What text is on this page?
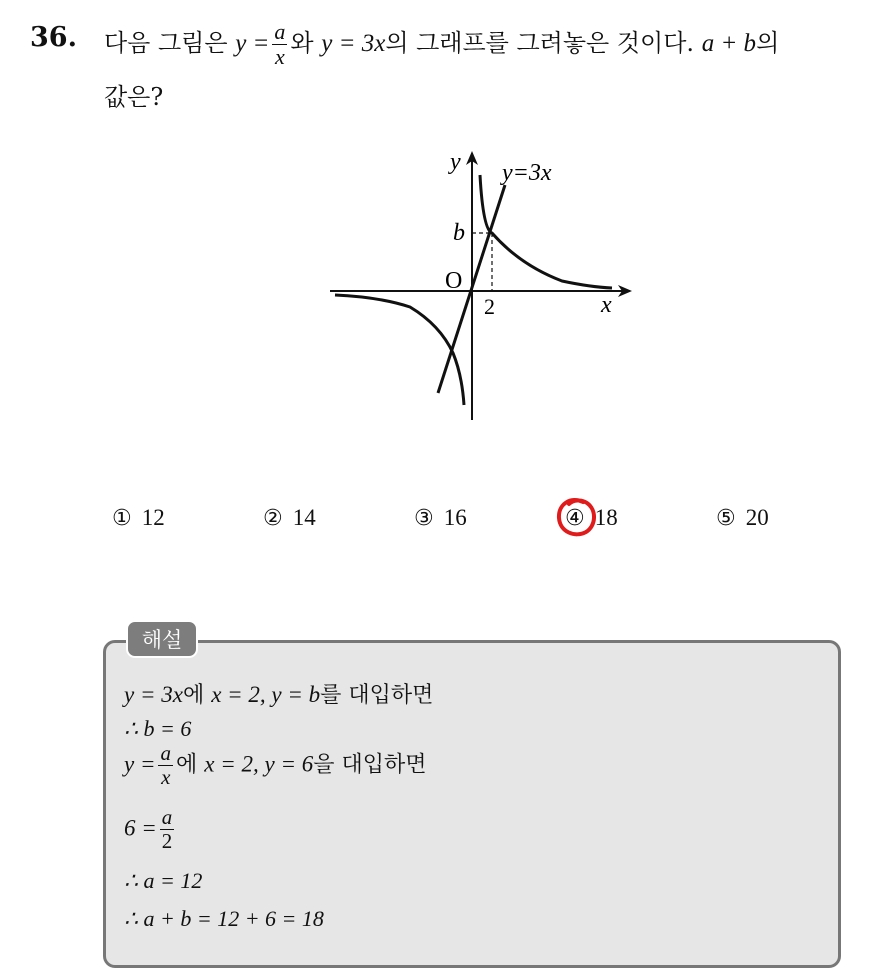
36. 다음 그림은 $y = \frac{a}{x}$ 와 y = 3x의 그래프를 그려놓은 것이다. a + b의
값은?
y y=3x
b
O
2	x
① 12	② 14	③ 16	④ 18	⑤ 20
해설
y = 3x에 x = 2, y = b를 대입하면
∴ b = 6
$y = \frac{a}{x}$ 에 x = 2, y = 6을 대입하면
$6 = \frac{a}{2}$
∴ a = 12
∴ a + b = 12 + 6 = 18
